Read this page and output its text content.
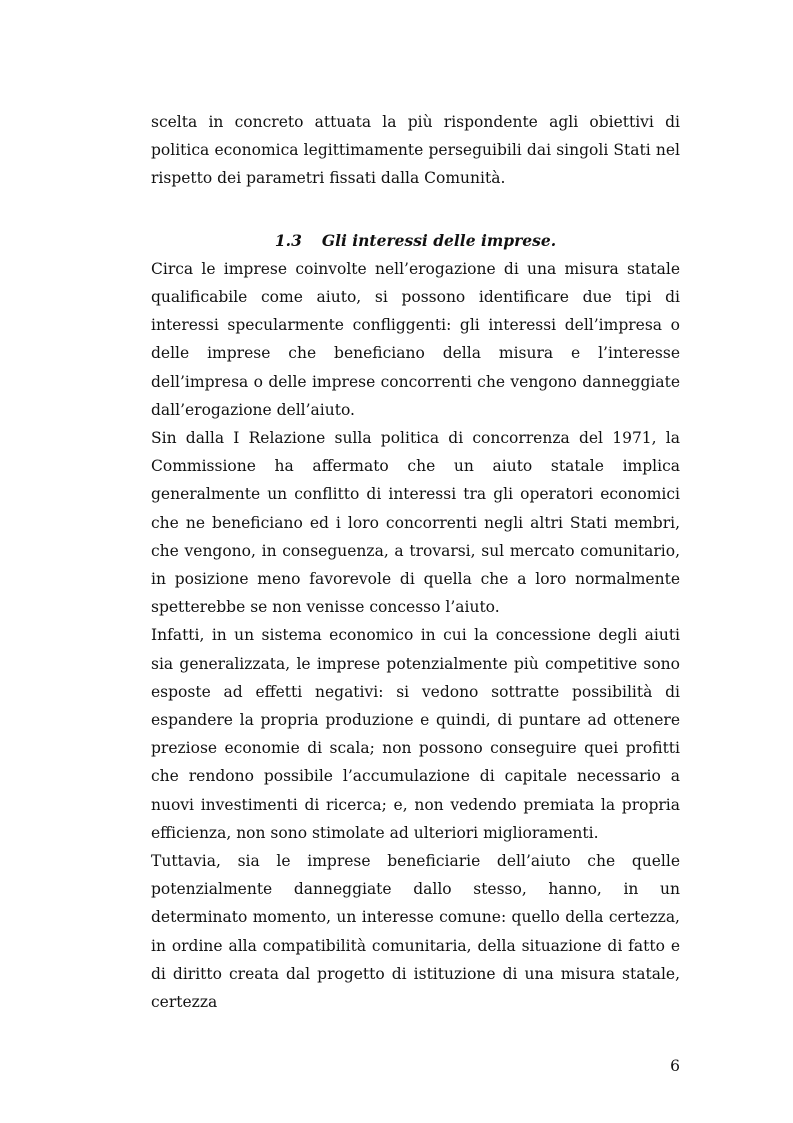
scelta in concreto attuata la più rispondente agli obiettivi di politica economica legittimamente perseguibili dai singoli Stati nel rispetto dei parametri fissati dalla Comunità.

1.3 Gli interessi delle imprese.

Circa le imprese coinvolte nell’erogazione di una misura statale qualificabile come aiuto, si possono identificare due tipi di interessi specularmente confliggenti: gli interessi dell’impresa o delle imprese che beneficiano della misura e l’interesse dell’impresa o delle imprese concorrenti che vengono danneggiate dall’erogazione dell’aiuto.

Sin dalla I Relazione sulla politica di concorrenza del 1971, la Commissione ha affermato che un aiuto statale implica generalmente un conflitto di interessi tra gli operatori economici che ne beneficiano ed i loro concorrenti negli altri Stati membri, che vengono, in conseguenza, a trovarsi, sul mercato comunitario, in posizione meno favorevole di quella che a loro normalmente spetterebbe se non venisse concesso l’aiuto.

Infatti, in un sistema economico in cui la concessione degli aiuti sia generalizzata, le imprese potenzialmente più competitive sono esposte ad effetti negativi: si vedono sottratte possibilità di espandere la propria produzione e quindi, di puntare ad ottenere preziose economie di scala; non possono conseguire quei profitti che rendono possibile l’accumulazione di capitale necessario a nuovi investimenti di ricerca; e, non vedendo premiata la propria efficienza, non sono stimolate ad ulteriori miglioramenti.

Tuttavia, sia le imprese beneficiarie dell’aiuto che quelle potenzialmente danneggiate dallo stesso, hanno, in un determinato momento, un interesse comune: quello della certezza, in ordine alla compatibilità comunitaria, della situazione di fatto e di diritto creata dal progetto di istituzione di una misura statale, certezza

6
